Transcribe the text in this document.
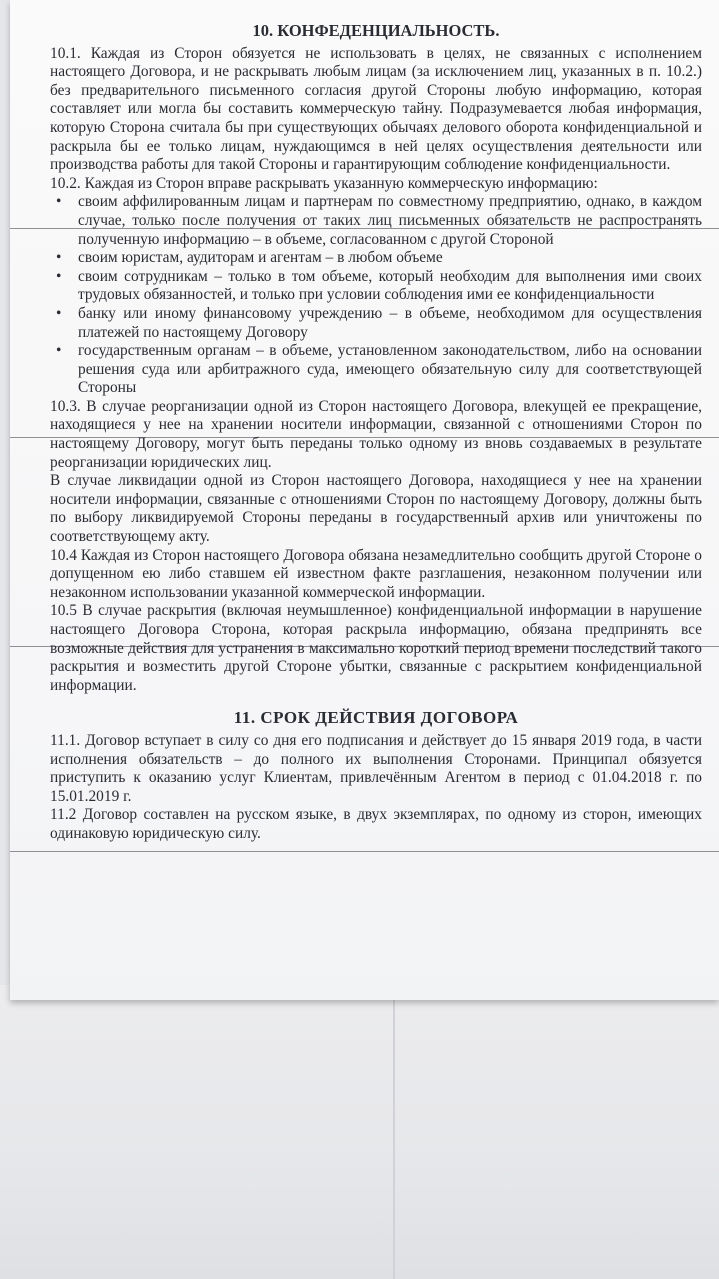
10. КОНФЕДЕНЦИАЛЬНОСТЬ.

10.1. Каждая из Сторон обязуется не использовать в целях, не связанных с исполнением настоящего Договора, и не раскрывать любым лицам (за исключением лиц, указанных в п. 10.2.) без предварительного письменного согласия другой Стороны любую информацию, которая составляет или могла бы составить коммерческую тайну. Подразумевается любая информация, которую Сторона считала бы при существующих обычаях делового оборота конфиденциальной и раскрыла бы ее только лицам, нуждающимся в ней целях осуществления деятельности или производства работы для такой Стороны и гарантирующим соблюдение конфиденциальности.

10.2. Каждая из Сторон вправе раскрывать указанную коммерческую информацию:

• своим аффилированным лицам и партнерам по совместному предприятию, однако, в каждом случае, только после получения от таких лиц письменных обязательств не распространять полученную информацию – в объеме, согласованном с другой Стороной
• своим юристам, аудиторам и агентам – в любом объеме
• своим сотрудникам – только в том объеме, который необходим для выполнения ими своих трудовых обязанностей, и только при условии соблюдения ими ее конфиденциальности
• банку или иному финансовому учреждению – в объеме, необходимом для осуществления платежей по настоящему Договору
• государственным органам – в объеме, установленном законодательством, либо на основании решения суда или арбитражного суда, имеющего обязательную силу для соответствующей Стороны

10.3. В случае реорганизации одной из Сторон настоящего Договора, влекущей ее прекращение, находящиеся у нее на хранении носители информации, связанной с отношениями Сторон по настоящему Договору, могут быть переданы только одному из вновь создаваемых в результате реорганизации юридических лиц.

В случае ликвидации одной из Сторон настоящего Договора, находящиеся у нее на хранении носители информации, связанные с отношениями Сторон по настоящему Договору, должны быть по выбору ликвидируемой Стороны переданы в государственный архив или уничтожены по соответствующему акту.

10.4 Каждая из Сторон настоящего Договора обязана незамедлительно сообщить другой Стороне о допущенном ею либо ставшем ей известном факте разглашения, незаконном получении или незаконном использовании указанной коммерческой информации.

10.5 В случае раскрытия (включая неумышленное) конфиденциальной информации в нарушение настоящего Договора Сторона, которая раскрыла информацию, обязана предпринять все возможные действия для устранения в максимально короткий период времени последствий такого раскрытия и возместить другой Стороне убытки, связанные с раскрытием конфиденциальной информации.

11. СРОК ДЕЙСТВИЯ ДОГОВОРА

11.1. Договор вступает в силу со дня его подписания и действует до 15 января 2019 года, в части исполнения обязательств – до полного их выполнения Сторонами. Принципал обязуется приступить к оказанию услуг Клиентам, привлечённым Агентом в период с 01.04.2018 г. по 15.01.2019 г.

11.2 Договор составлен на русском языке, в двух экземплярах, по одному из сторон, имеющих одинаковую юридическую силу.
